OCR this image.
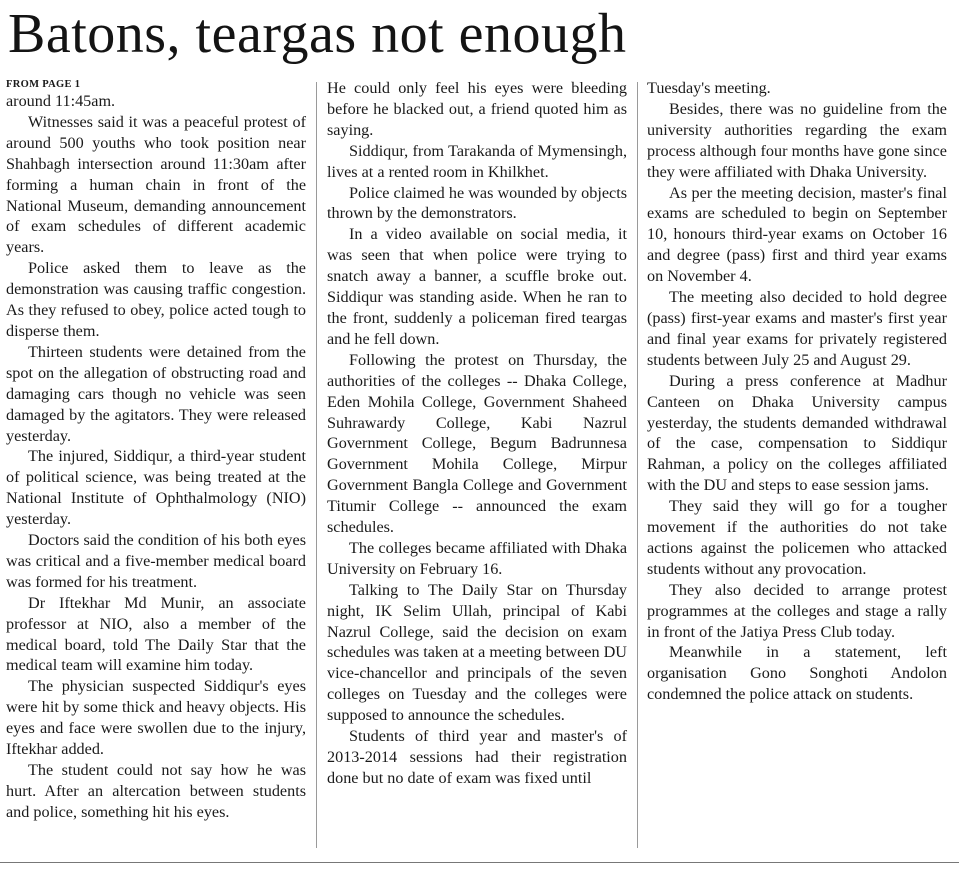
Batons, teargas not enough
FROM PAGE 1

around 11:45am.

Witnesses said it was a peaceful protest of around 500 youths who took position near Shahbagh intersection around 11:30am after forming a human chain in front of the National Museum, demanding announcement of exam schedules of different academic years.

Police asked them to leave as the demonstration was causing traffic congestion. As they refused to obey, police acted tough to disperse them.

Thirteen students were detained from the spot on the allegation of obstructing road and damaging cars though no vehicle was seen damaged by the agitators. They were released yesterday.

The injured, Siddiqur, a third-year student of political science, was being treated at the National Institute of Ophthalmology (NIO) yesterday.

Doctors said the condition of his both eyes was critical and a five-member medical board was formed for his treatment.

Dr Iftekhar Md Munir, an associate professor at NIO, also a member of the medical board, told The Daily Star that the medical team will examine him today.

The physician suspected Siddiqur's eyes were hit by some thick and heavy objects. His eyes and face were swollen due to the injury, Iftekhar added.

The student could not say how he was hurt. After an altercation between students and police, something hit his eyes.

He could only feel his eyes were bleeding before he blacked out, a friend quoted him as saying.

Siddiqur, from Tarakanda of Mymensingh, lives at a rented room in Khilkhet.

Police claimed he was wounded by objects thrown by the demonstrators.

In a video available on social media, it was seen that when police were trying to snatch away a banner, a scuffle broke out. Siddiqur was standing aside. When he ran to the front, suddenly a policeman fired teargas and he fell down.

Following the protest on Thursday, the authorities of the colleges -- Dhaka College, Eden Mohila College, Government Shaheed Suhrawardy College, Kabi Nazrul Government College, Begum Badrunnesa Government Mohila College, Mirpur Government Bangla College and Government Titumir College -- announced the exam schedules.

The colleges became affiliated with Dhaka University on February 16.

Talking to The Daily Star on Thursday night, IK Selim Ullah, principal of Kabi Nazrul College, said the decision on exam schedules was taken at a meeting between DU vice-chancellor and principals of the seven colleges on Tuesday and the colleges were supposed to announce the schedules.

Students of third year and master's of 2013-2014 sessions had their registration done but no date of exam was fixed until

Tuesday's meeting.

Besides, there was no guideline from the university authorities regarding the exam process although four months have gone since they were affiliated with Dhaka University.

As per the meeting decision, master's final exams are scheduled to begin on September 10, honours third-year exams on October 16 and degree (pass) first and third year exams on November 4.

The meeting also decided to hold degree (pass) first-year exams and master's first year and final year exams for privately registered students between July 25 and August 29.

During a press conference at Madhur Canteen on Dhaka University campus yesterday, the students demanded withdrawal of the case, compensation to Siddiqur Rahman, a policy on the colleges affiliated with the DU and steps to ease session jams.

They said they will go for a tougher movement if the authorities do not take actions against the policemen who attacked students without any provocation.

They also decided to arrange protest programmes at the colleges and stage a rally in front of the Jatiya Press Club today.

Meanwhile in a statement, left organisation Gono Songhoti Andolon condemned the police attack on students.
